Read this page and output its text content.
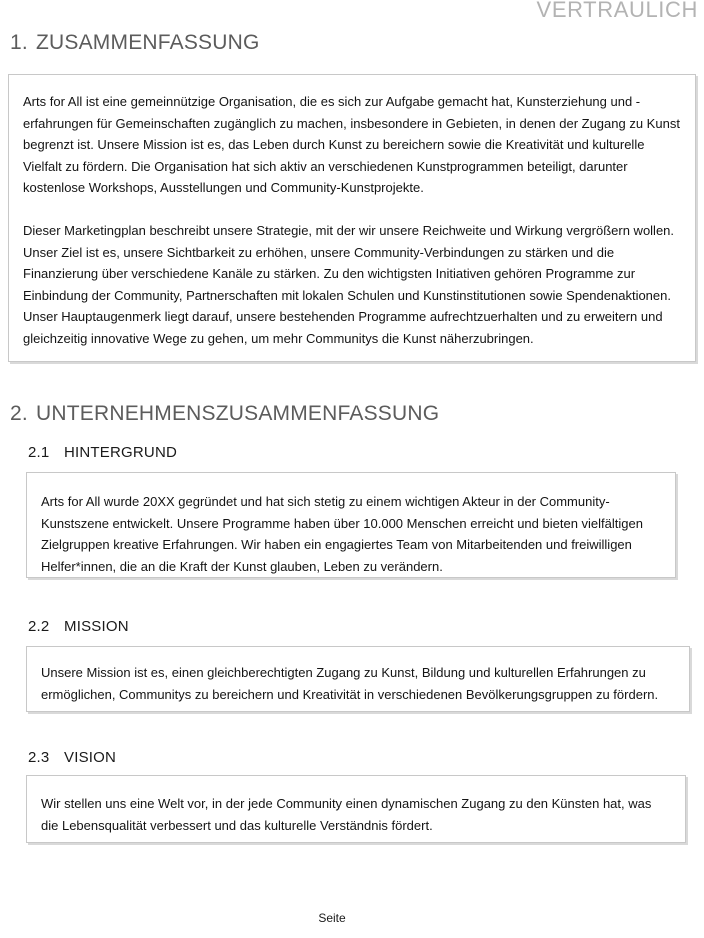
VERTRAULICH
1. ZUSAMMENFASSUNG

Arts for All ist eine gemeinnützige Organisation, die es sich zur Aufgabe gemacht hat, Kunsterziehung und -erfahrungen für Gemeinschaften zugänglich zu machen, insbesondere in Gebieten, in denen der Zugang zu Kunst begrenzt ist. Unsere Mission ist es, das Leben durch Kunst zu bereichern sowie die Kreativität und kulturelle Vielfalt zu fördern. Die Organisation hat sich aktiv an verschiedenen Kunstprogrammen beteiligt, darunter kostenlose Workshops, Ausstellungen und Community-Kunstprojekte.

Dieser Marketingplan beschreibt unsere Strategie, mit der wir unsere Reichweite und Wirkung vergrößern wollen. Unser Ziel ist es, unsere Sichtbarkeit zu erhöhen, unsere Community-Verbindungen zu stärken und die Finanzierung über verschiedene Kanäle zu stärken. Zu den wichtigsten Initiativen gehören Programme zur Einbindung der Community, Partnerschaften mit lokalen Schulen und Kunstinstitutionen sowie Spendenaktionen. Unser Hauptaugenmerk liegt darauf, unsere bestehenden Programme aufrechtzuerhalten und zu erweitern und gleichzeitig innovative Wege zu gehen, um mehr Communitys die Kunst näherzubringen.

2. UNTERNEHMENSZUSAMMENFASSUNG
2.1 HINTERGRUND

Arts for All wurde 20XX gegründet und hat sich stetig zu einem wichtigen Akteur in der Community-Kunstszene entwickelt. Unsere Programme haben über 10.000 Menschen erreicht und bieten vielfältigen Zielgruppen kreative Erfahrungen. Wir haben ein engagiertes Team von Mitarbeitenden und freiwilligen Helfer*innen, die an die Kraft der Kunst glauben, Leben zu verändern.

2.2 MISSION

Unsere Mission ist es, einen gleichberechtigten Zugang zu Kunst, Bildung und kulturellen Erfahrungen zu ermöglichen, Communitys zu bereichern und Kreativität in verschiedenen Bevölkerungsgruppen zu fördern.

2.3 VISION

Wir stellen uns eine Welt vor, in der jede Community einen dynamischen Zugang zu den Künsten hat, was die Lebensqualität verbessert und das kulturelle Verständnis fördert.

Seite
